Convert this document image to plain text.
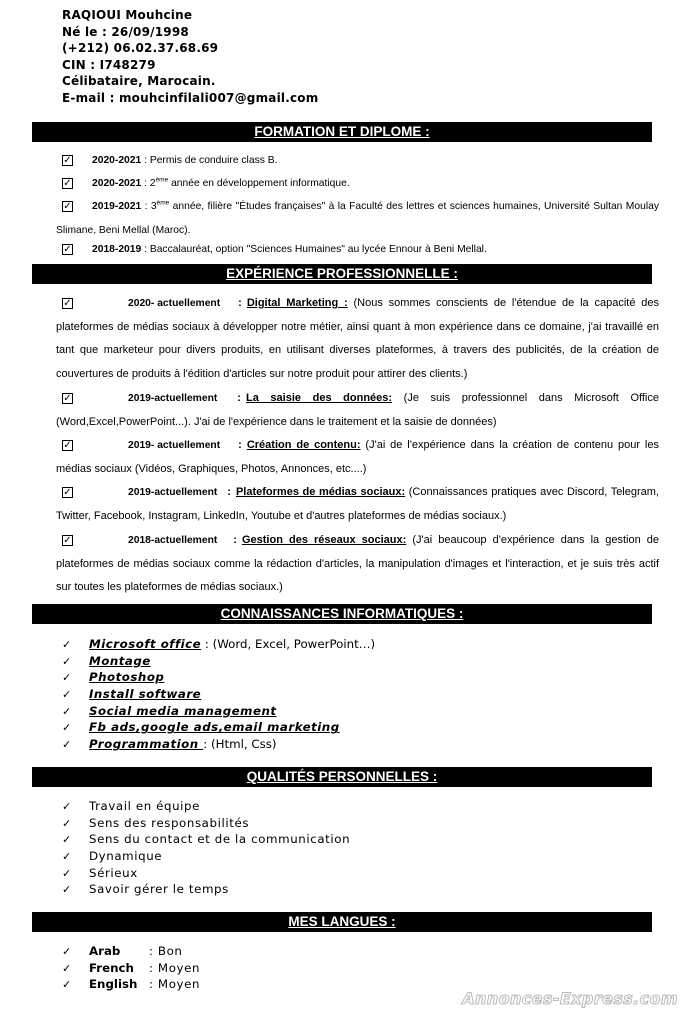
RAQIOUI Mouhcine
Né le : 26/09/1998
(+212) 06.02.37.68.69
CIN : I748279
Célibataire, Marocain.
E-mail : mouhcinfilali007@gmail.com
FORMATION ET DIPLOME :
EXPÉRIENCE PROFESSIONNELLE :
CONNAISSANCES INFORMATIQUES :
✓ Microsoft office : (Word, Excel, PowerPoint…)
✓ Montage
✓ Photoshop
✓ Install software
✓ Social media management
✓ Fb ads,google ads,email marketing
✓ Programmation : (Html, Css)
QUALITÉS PERSONNELLES :
✓ Travail en équipe
✓ Sens des responsabilités
✓ Sens du contact et de la communication
✓ Dynamique
✓ Sérieux
✓ Savoir gérer le temps
MES LANGUES :
✓ Arab : Bon
✓ French : Moyen
✓ English : Moyen
Annonces-Express.com
2020-2021 : Permis de conduire class B.
✓
2020-2021 : 2ème année en développement informatique.
✓
2019-2021 : 3ème année, filière "Études françaises" à la Faculté des lettres et sciences humaines, Université Sultan Moulay Slimane, Beni Mellal (Maroc).
✓
2018-2019 : Baccalauréat, option "Sciences Humaines" au lycée Ennour à Beni Mellal.
✓
2020- actuellement : Digital Marketing : (Nous sommes conscients de l'étendue de la capacité des plateformes de médias sociaux à développer notre métier, ainsi quant à mon expérience dans ce domaine, j'ai travaillé en tant que marketeur pour divers produits, en utilisant diverses plateformes, à travers des publicités, de la création de couvertures de produits à l'édition d'articles sur notre produit pour attirer des clients.)
✓
2019-actuellement : La saisie des données: (Je suis professionnel dans Microsoft Office (Word,Excel,PowerPoint...). J'ai de l'expérience dans le traitement et la saisie de données)
✓
2019- actuellement : Création de contenu: (J'ai de l'expérience dans la création de contenu pour les médias sociaux (Vidéos, Graphiques, Photos, Annonces, etc....)
✓
2019-actuellement : Plateformes de médias sociaux: (Connaissances pratiques avec Discord, Telegram, Twitter, Facebook, Instagram, LinkedIn, Youtube et d'autres plateformes de médias sociaux.)
✓
2018-actuellement : Gestion des réseaux sociaux: (J'ai beaucoup d'expérience dans la gestion de plateformes de médias sociaux comme la rédaction d'articles, la manipulation d'images et l'interaction, et je suis très actif sur toutes les plateformes de médias sociaux.)
✓
